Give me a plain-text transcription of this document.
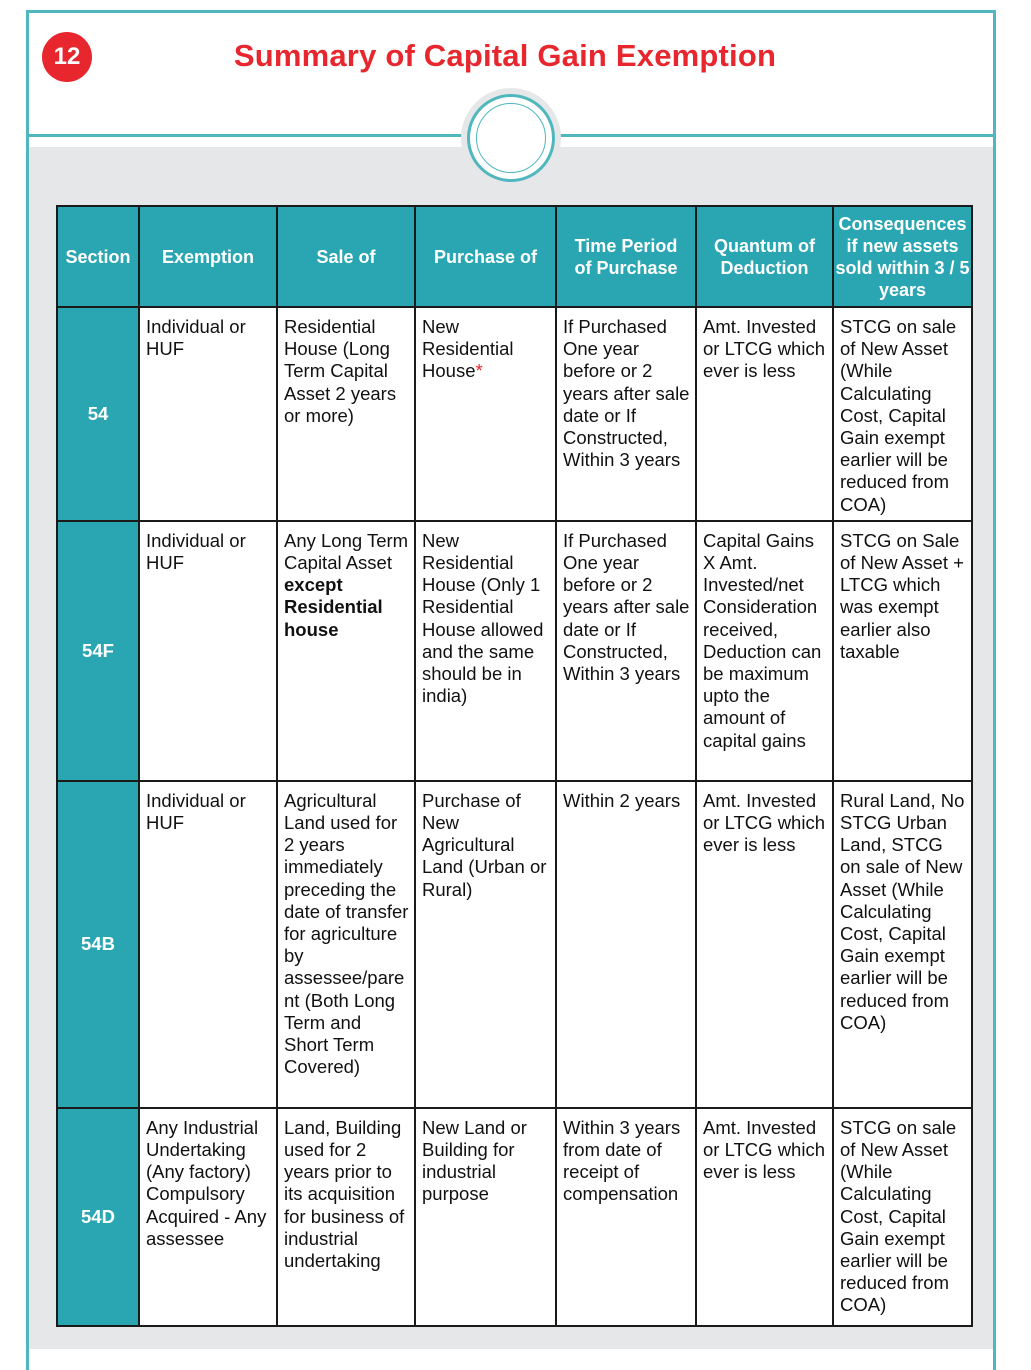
12	Summary of Capital Gain Exemption
Section	Exemption	Sale of	Purchase of	Time Period of Purchase	Quantum of Deduction	Consequences if new assets sold within 3 / 5 years
54	Individual or HUF	Residential House (Long Term Capital Asset 2 years or more)	New Residential House*	If Purchased One year before or 2 years after sale date or If Constructed, Within 3 years	Amt. Invested or LTCG which ever is less	STCG on sale of New Asset (While Calculating Cost, Capital Gain exempt earlier will be reduced from COA)
54F	Individual or HUF	Any Long Term Capital Asset except Residential house	New Residential House (Only 1 Residential House allowed and the same should be in india)	If Purchased One year before or 2 years after sale date or If Constructed, Within 3 years	Capital Gains X Amt. Invested/net Consideration received, Deduction can be maximum upto the amount of capital gains	STCG on Sale of New Asset + LTCG which was exempt earlier also taxable
54B	Individual or HUF	Agricultural Land used for 2 years immediately preceding the date of transfer for agriculture by assessee/parent (Both Long Term and Short Term Covered)	Purchase of New Agricultural Land (Urban or Rural)	Within 2 years	Amt. Invested or LTCG which ever is less	Rural Land, No STCG Urban Land, STCG on sale of New Asset (While Calculating Cost, Capital Gain exempt earlier will be reduced from COA)
54D	Any Industrial Undertaking (Any factory) Compulsory Acquired - Any assessee	Land, Building used for 2 years prior to its acquisition for business of industrial undertaking	New Land or Building for industrial purpose	Within 3 years from date of receipt of compensation	Amt. Invested or LTCG which ever is less	STCG on sale of New Asset (While Calculating Cost, Capital Gain exempt earlier will be reduced from COA)
